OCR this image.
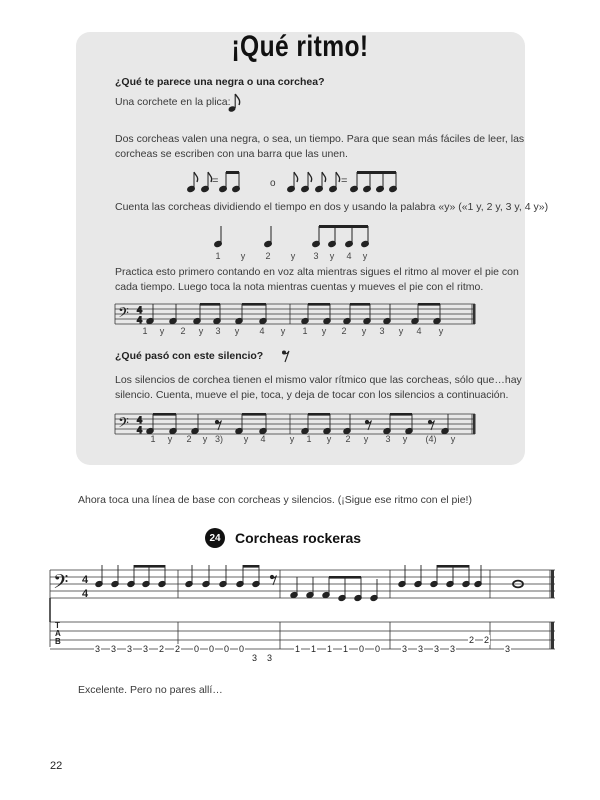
¡Qué ritmo!
¿Qué te parece una negra o una corchea?
Una corchete en la plica:
Dos corcheas valen una negra, o sea, un tiempo. Para que sean más fáciles de leer, las
corcheas se escriben con una barra que las unen.
=	o	=
Cuenta las corcheas dividiendo el tiempo en dos y usando la palabra «y» («1 y, 2 y, 3 y, 4 y»)
1	y	2	y	3	y	4	y
Practica esto primero contando en voz alta mientras sigues el ritmo al mover el pie con
cada tiempo. Luego toca la nota mientras cuentas y mueves el pie con el ritmo.
𝄢 4
4
1	y	2	y	3	y	4	y	1	y	2	y	3	y	4	y
¿Qué pasó con este silencio?
Los silencios de corchea tienen el mismo valor rítmico que las corcheas, sólo que…hay
silencio. Cuenta, mueve el pie, toca, y deja de tocar con los silencios a continuación.
𝄢 4
4
1	y	2	y 3)	y	4	y	1	y	2	y	3	y	(4)	y
Ahora toca una línea de base con corcheas y silencios. (¡Sigue ese ritmo con el pie!)
24	Corcheas rockeras
𝄢 4
4
T
A
B
3 3 3 3 2 2 0 0 0 0
3 3
1 1 1 1 0 0 3 3 3 3
2 2
3
Excelente. Pero no pares allí…
22
